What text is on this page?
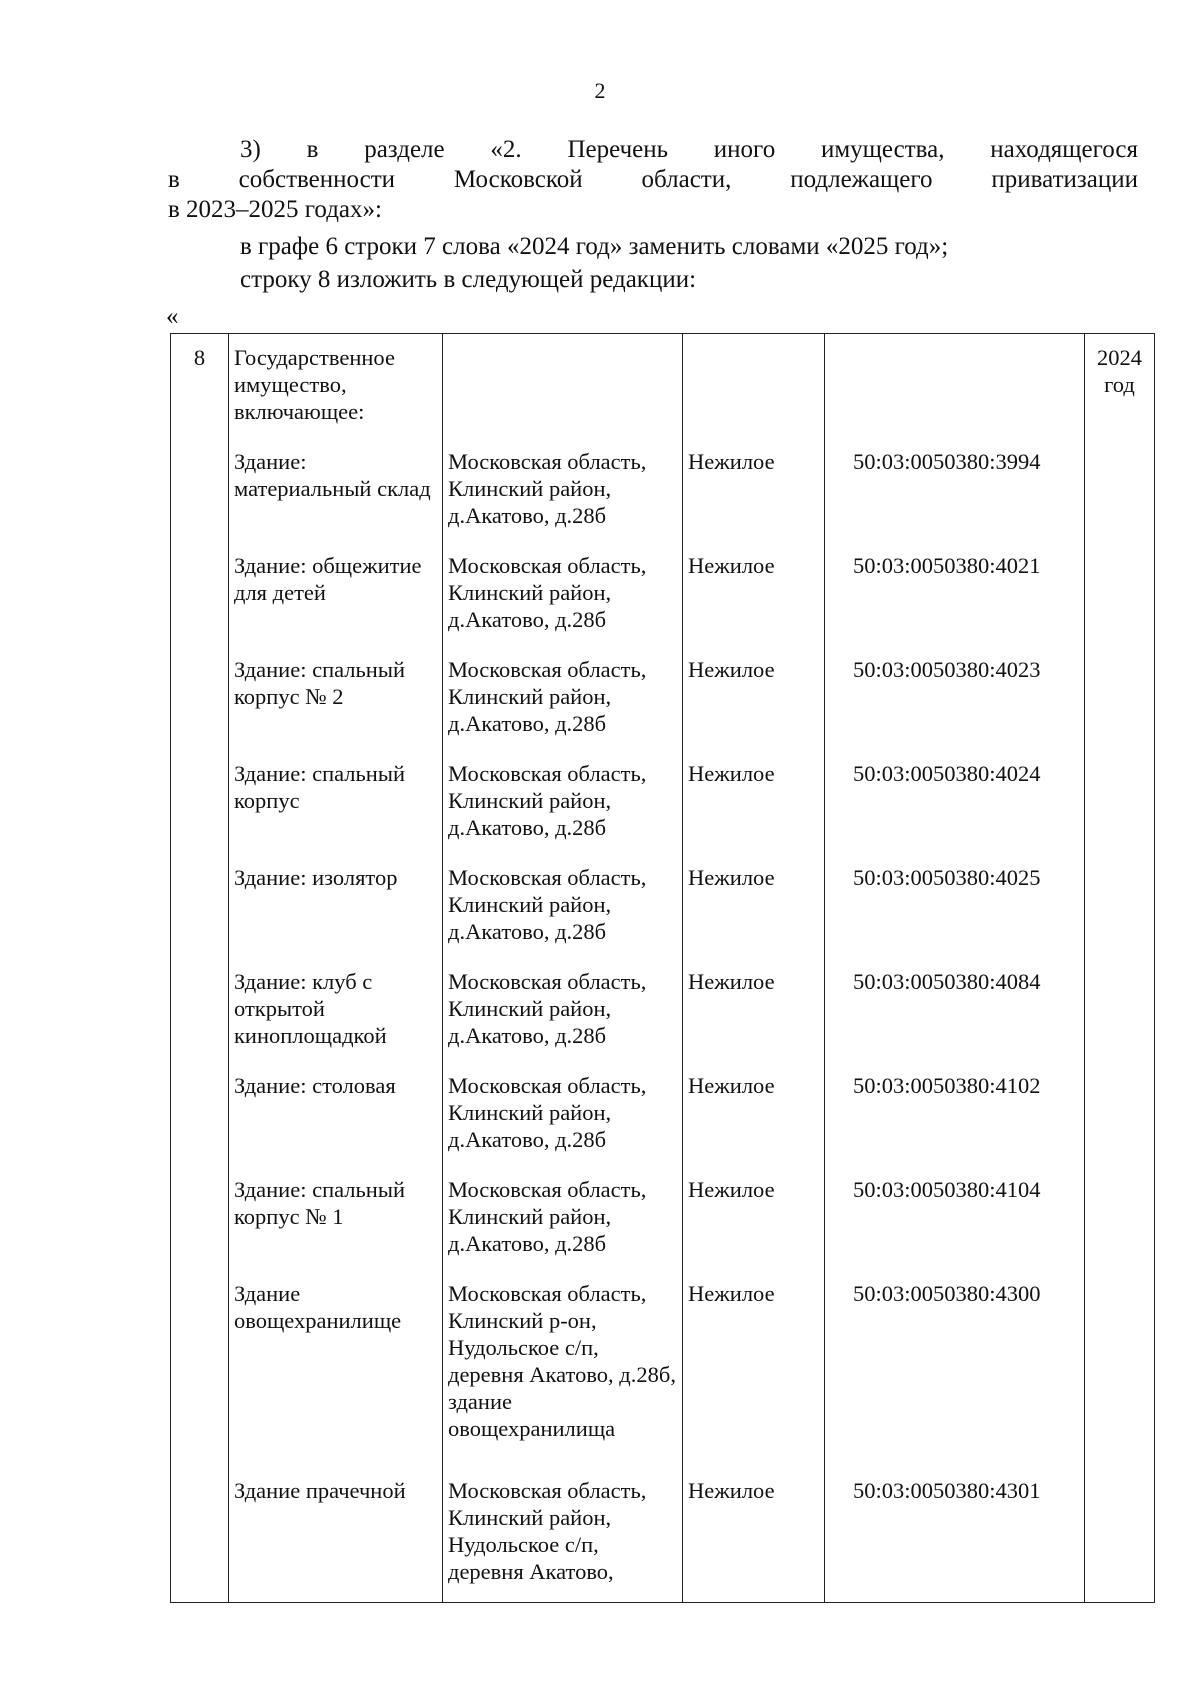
2
3) в разделе «2. Перечень иного имущества, находящегося
в собственности Московской области, подлежащего приватизации
в 2023–2025 годах»:
в графе 6 строки 7 слова «2024 год» заменить словами «2025 год»;
строку 8 изложить в следующей редакции:
«
8	Государственное имущество, включающее:				2024 год
	Здание: материальный склад	Московская область, Клинский район, д.Акатово, д.28б	Нежилое	50:03:0050380:3994	
	Здание: общежитие для детей	Московская область, Клинский район, д.Акатово, д.28б	Нежилое	50:03:0050380:4021	
	Здание: спальный корпус № 2	Московская область, Клинский район, д.Акатово, д.28б	Нежилое	50:03:0050380:4023	
	Здание: спальный корпус	Московская область, Клинский район, д.Акатово, д.28б	Нежилое	50:03:0050380:4024	
	Здание: изолятор	Московская область, Клинский район, д.Акатово, д.28б	Нежилое	50:03:0050380:4025	
	Здание: клуб с открытой киноплощадкой	Московская область, Клинский район, д.Акатово, д.28б	Нежилое	50:03:0050380:4084	
	Здание: столовая	Московская область, Клинский район, д.Акатово, д.28б	Нежилое	50:03:0050380:4102	
	Здание: спальный корпус № 1	Московская область, Клинский район, д.Акатово, д.28б	Нежилое	50:03:0050380:4104	
	Здание овощехранилище	Московская область, Клинский р-он, Нудольское с/п, деревня Акатово, д.28б, здание овощехранилища	Нежилое	50:03:0050380:4300	
	Здание прачечной	Московская область, Клинский район, Нудольское с/п, деревня Акатово,	Нежилое	50:03:0050380:4301	
